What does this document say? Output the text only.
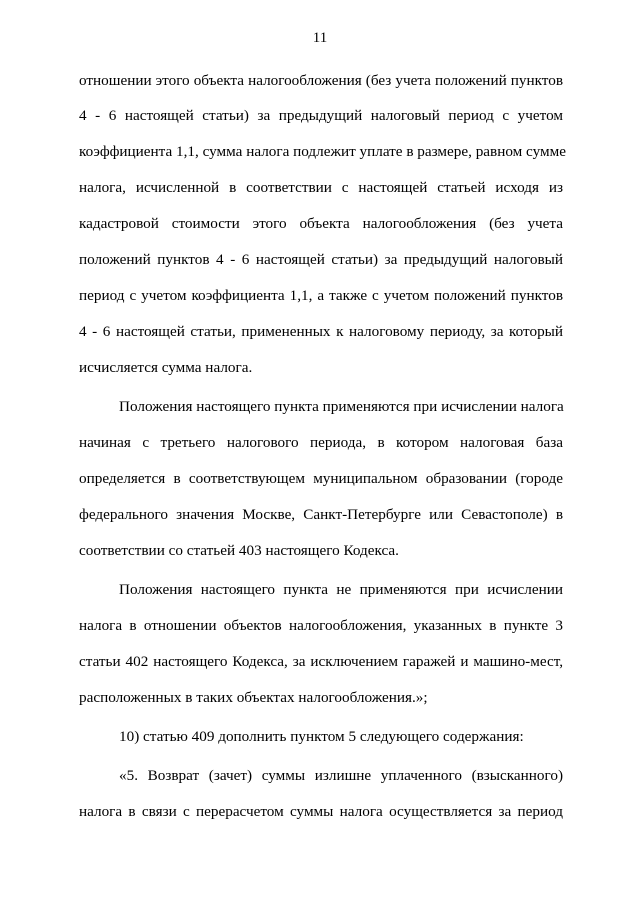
11
отношении этого объекта налогообложения (без учета положений пунктов
4 - 6 настоящей статьи) за предыдущий налоговый период с учетом
коэффициента 1,1, сумма налога подлежит уплате в размере, равном сумме
налога, исчисленной в соответствии с настоящей статьей исходя из
кадастровой стоимости этого объекта налогообложения (без учета
положений пунктов 4 - 6 настоящей статьи) за предыдущий налоговый
период с учетом коэффициента 1,1, а также с учетом положений пунктов
4 - 6 настоящей статьи, примененных к налоговому периоду, за который
исчисляется сумма налога.
Положения настоящего пункта применяются при исчислении налога
начиная с третьего налогового периода, в котором налоговая база
определяется в соответствующем муниципальном образовании (городе
федерального значения Москве, Санкт-Петербурге или Севастополе) в
соответствии со статьей 403 настоящего Кодекса.
Положения настоящего пункта не применяются при исчислении
налога в отношении объектов налогообложения, указанных в пункте 3
статьи 402 настоящего Кодекса, за исключением гаражей и машино-мест,
расположенных в таких объектах налогообложения.»;
10) статью 409 дополнить пунктом 5 следующего содержания:
«5. Возврат (зачет) суммы излишне уплаченного (взысканного)
налога в связи с перерасчетом суммы налога осуществляется за период
